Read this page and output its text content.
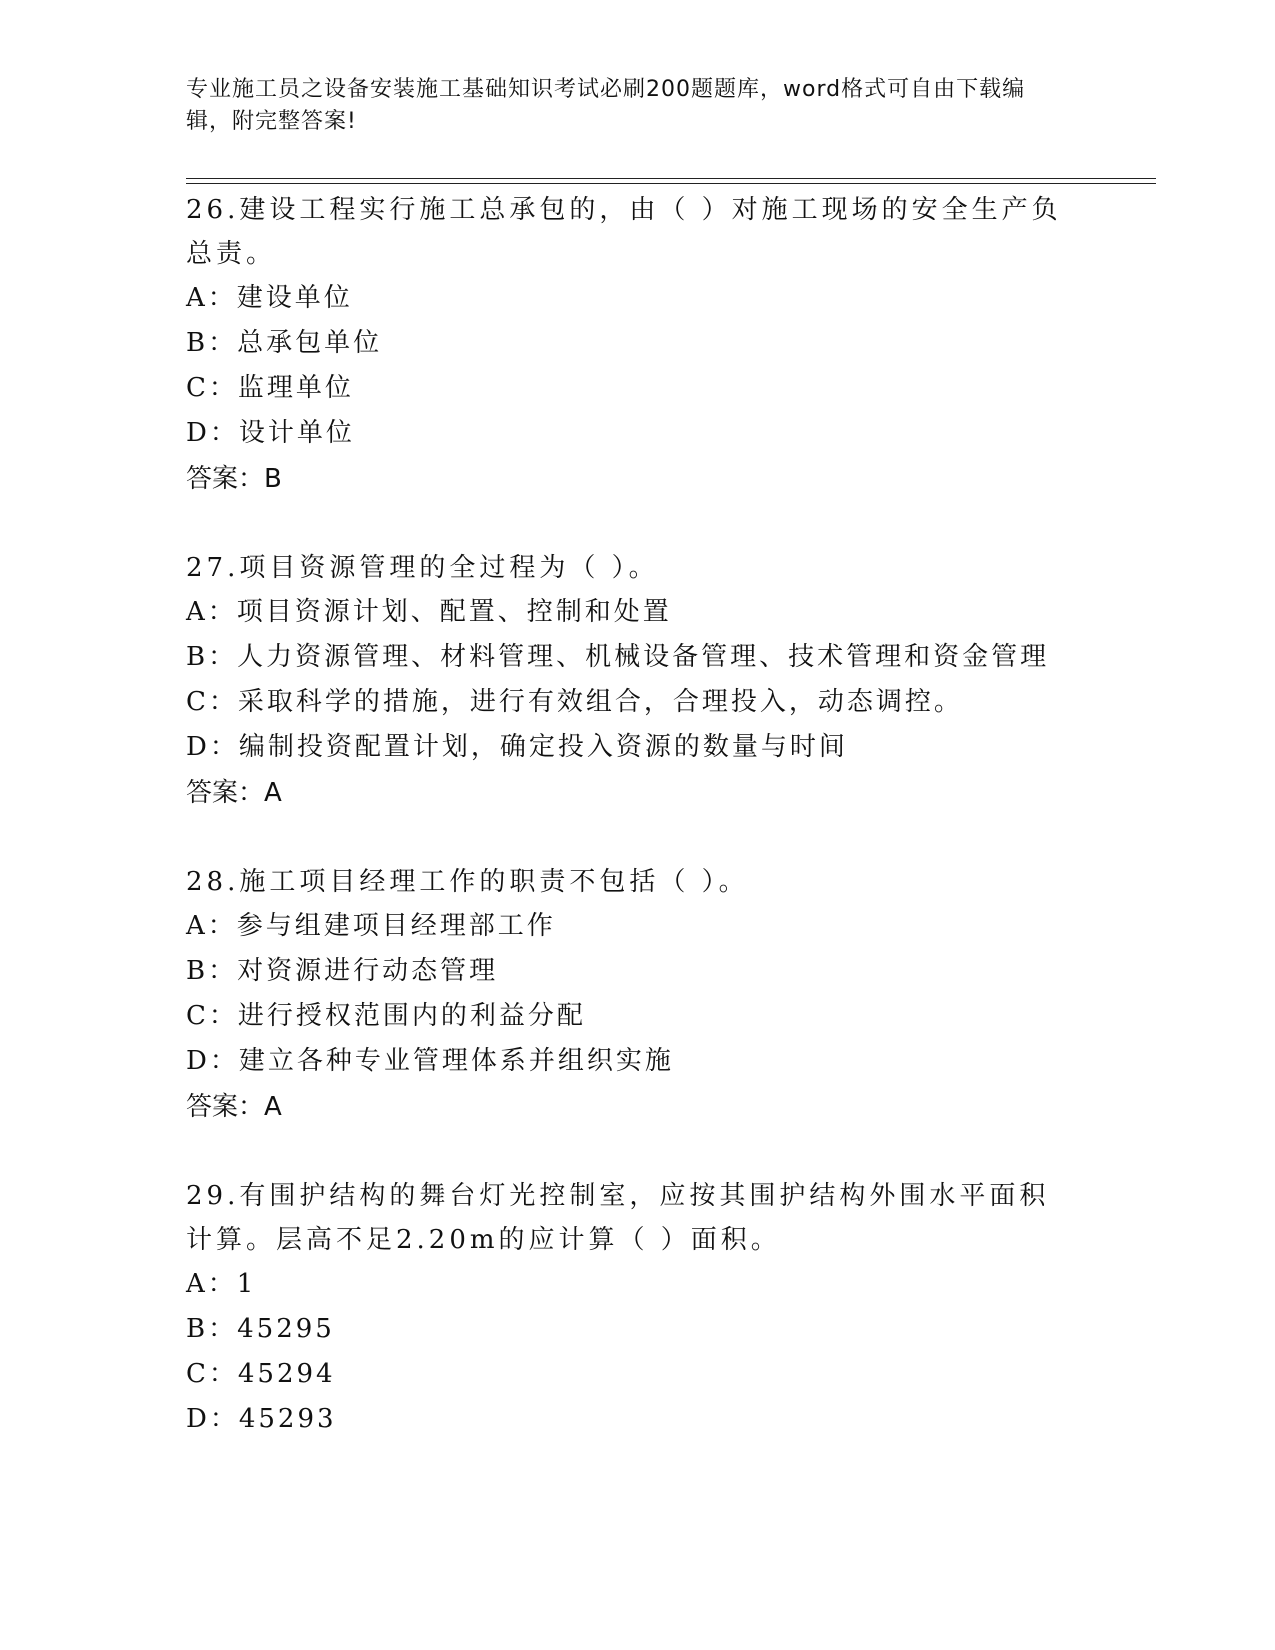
专业施工员之设备安装施工基础知识考试必刷200题题库，word格式可自由下载编辑，附完整答案!

26.建设工程实行施工总承包的，由（ ）对施工现场的安全生产负总责。

A：建设单位

B：总承包单位

C：监理单位

D：设计单位

答案：B

27.项目资源管理的全过程为（ ）。

A：项目资源计划、配置、控制和处置

B：人力资源管理、材料管理、机械设备管理、技术管理和资金管理

C：采取科学的措施，进行有效组合，合理投入，动态调控。

D：编制投资配置计划，确定投入资源的数量与时间

答案：A

28.施工项目经理工作的职责不包括（ ）。

A：参与组建项目经理部工作

B：对资源进行动态管理

C：进行授权范围内的利益分配

D：建立各种专业管理体系并组织实施

答案：A

29.有围护结构的舞台灯光控制室，应按其围护结构外围水平面积计算。层高不足2.20m的应计算（ ）面积。

A：1

B：45295

C：45294

D：45293
